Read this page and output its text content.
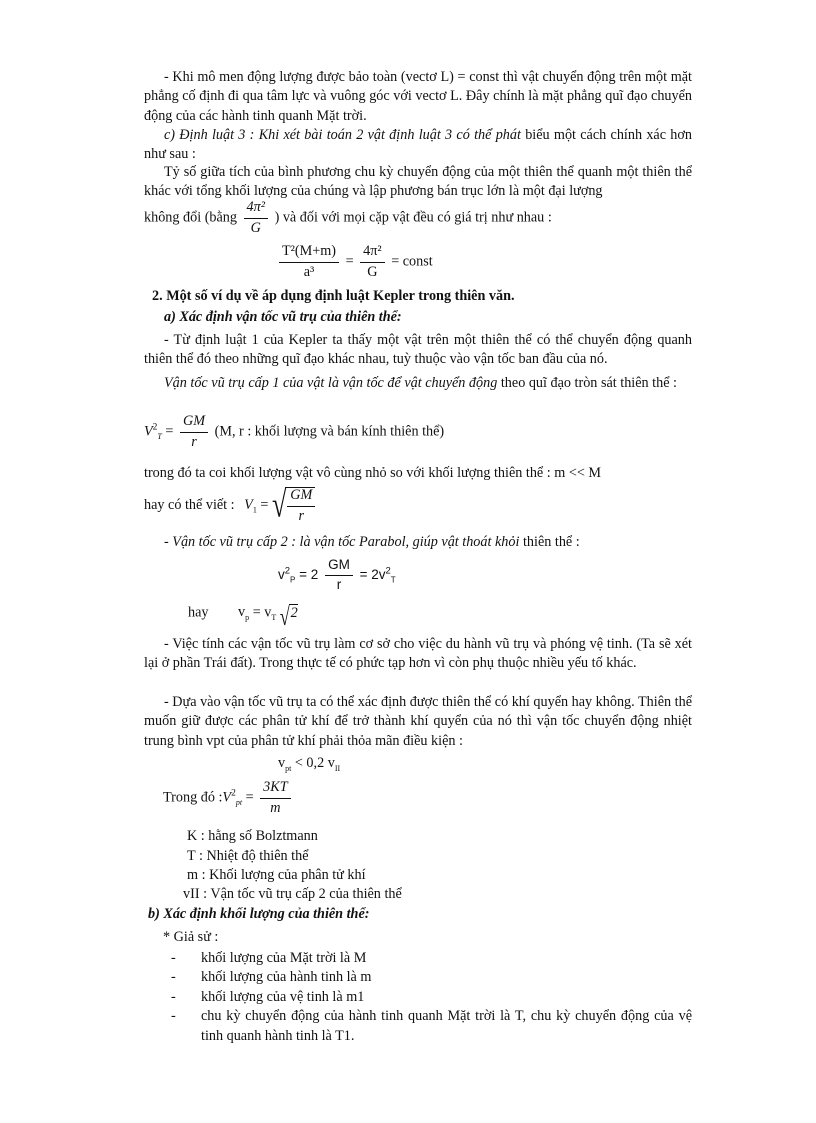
- Khi mô men động lượng được bảo toàn (vectơ L) = const thì vật chuyển động trên một mặt phẳng cố định đi qua tâm lực và vuông góc với vectơ L. Đây chính là mặt phẳng quĩ đạo chuyển động của các hành tinh quanh Mặt trời.
c) Định luật 3 : Khi xét bài toán 2 vật định luật 3 có thể phát biểu một cách chính xác hơn như sau :
Tỷ số giữa tích của bình phương chu kỳ chuyển động của một thiên thể quanh một thiên thể khác với tổng khối lượng của chúng và lập phương bán trục lớn là một đại lượng
không đổi (bằng $\frac{\text{4π²}}{G}$ ) và đối với mọi cặp vật đều có giá trị như nhau :
$\frac{\text{T²(M+m)}}{\text{a³}} = \frac{\text{4π²}}{G}$ = const
2. Một số ví dụ về áp dụng định luật Kepler trong thiên văn.
a) Xác định vận tốc vũ trụ của thiên thể:
- Từ định luật 1 của Kepler ta thấy một vật trên một thiên thể có thể chuyển động quanh thiên thể đó theo những quĩ đạo khác nhau, tuỳ thuộc vào vận tốc ban đầu của nó.
Vận tốc vũ trụ cấp 1 của vật là vận tốc để vật chuyển động theo quĩ đạo tròn sát thiên thể :
$V^2_T = \frac{GM}{r} (M$, r : khối lượng và bán kính thiên thể)
trong đó ta coi khối lượng vật vô cùng nhỏ so với khối lượng thiên thể : m << M
hay có thể viết : $V_1$ = √ $\frac{GM}{r}$
- Vận tốc vũ trụ cấp 2 : là vận tốc Parabol, giúp vật thoát khỏi thiên thể :
$v^2_P = 2 \frac{GM}{r} = 2v^2_T$
hay $v_p = v_T$ √ 2
- Việc tính các vận tốc vũ trụ làm cơ sở cho việc du hành vũ trụ và phóng vệ tinh. (Ta sẽ xét lại ở phần Trái đất). Trong thực tế có phức tạp hơn vì còn phụ thuộc nhiều yếu tố khác.
- Dựa vào vận tốc vũ trụ ta có thể xác định được thiên thể có khí quyển hay không. Thiên thể muốn giữ được các phân tử khí để trở thành khí quyển của nó thì vận tốc chuyển động nhiệt trung bình vpt của phân tử khí phải thỏa mãn điều kiện :
$v_{pt} < 0,2$ $v_{II}$
Trong đó $:V^2_{pt} = \frac{3KT}{m}$
K : hằng số Bolztmann
T : Nhiệt độ thiên thể
m : Khối lượng của phân tử khí
vII : Vận tốc vũ trụ cấp 2 của thiên thể
b) Xác định khối lượng của thiên thể:
* Giả sử :
- khối lượng của Mặt trời là M
- khối lượng của hành tinh là m
- khối lượng của vệ tinh là m1
- chu kỳ chuyển động của hành tinh quanh Mặt trời là T, chu kỳ chuyển động của vệ tinh quanh hành tinh là T1.
